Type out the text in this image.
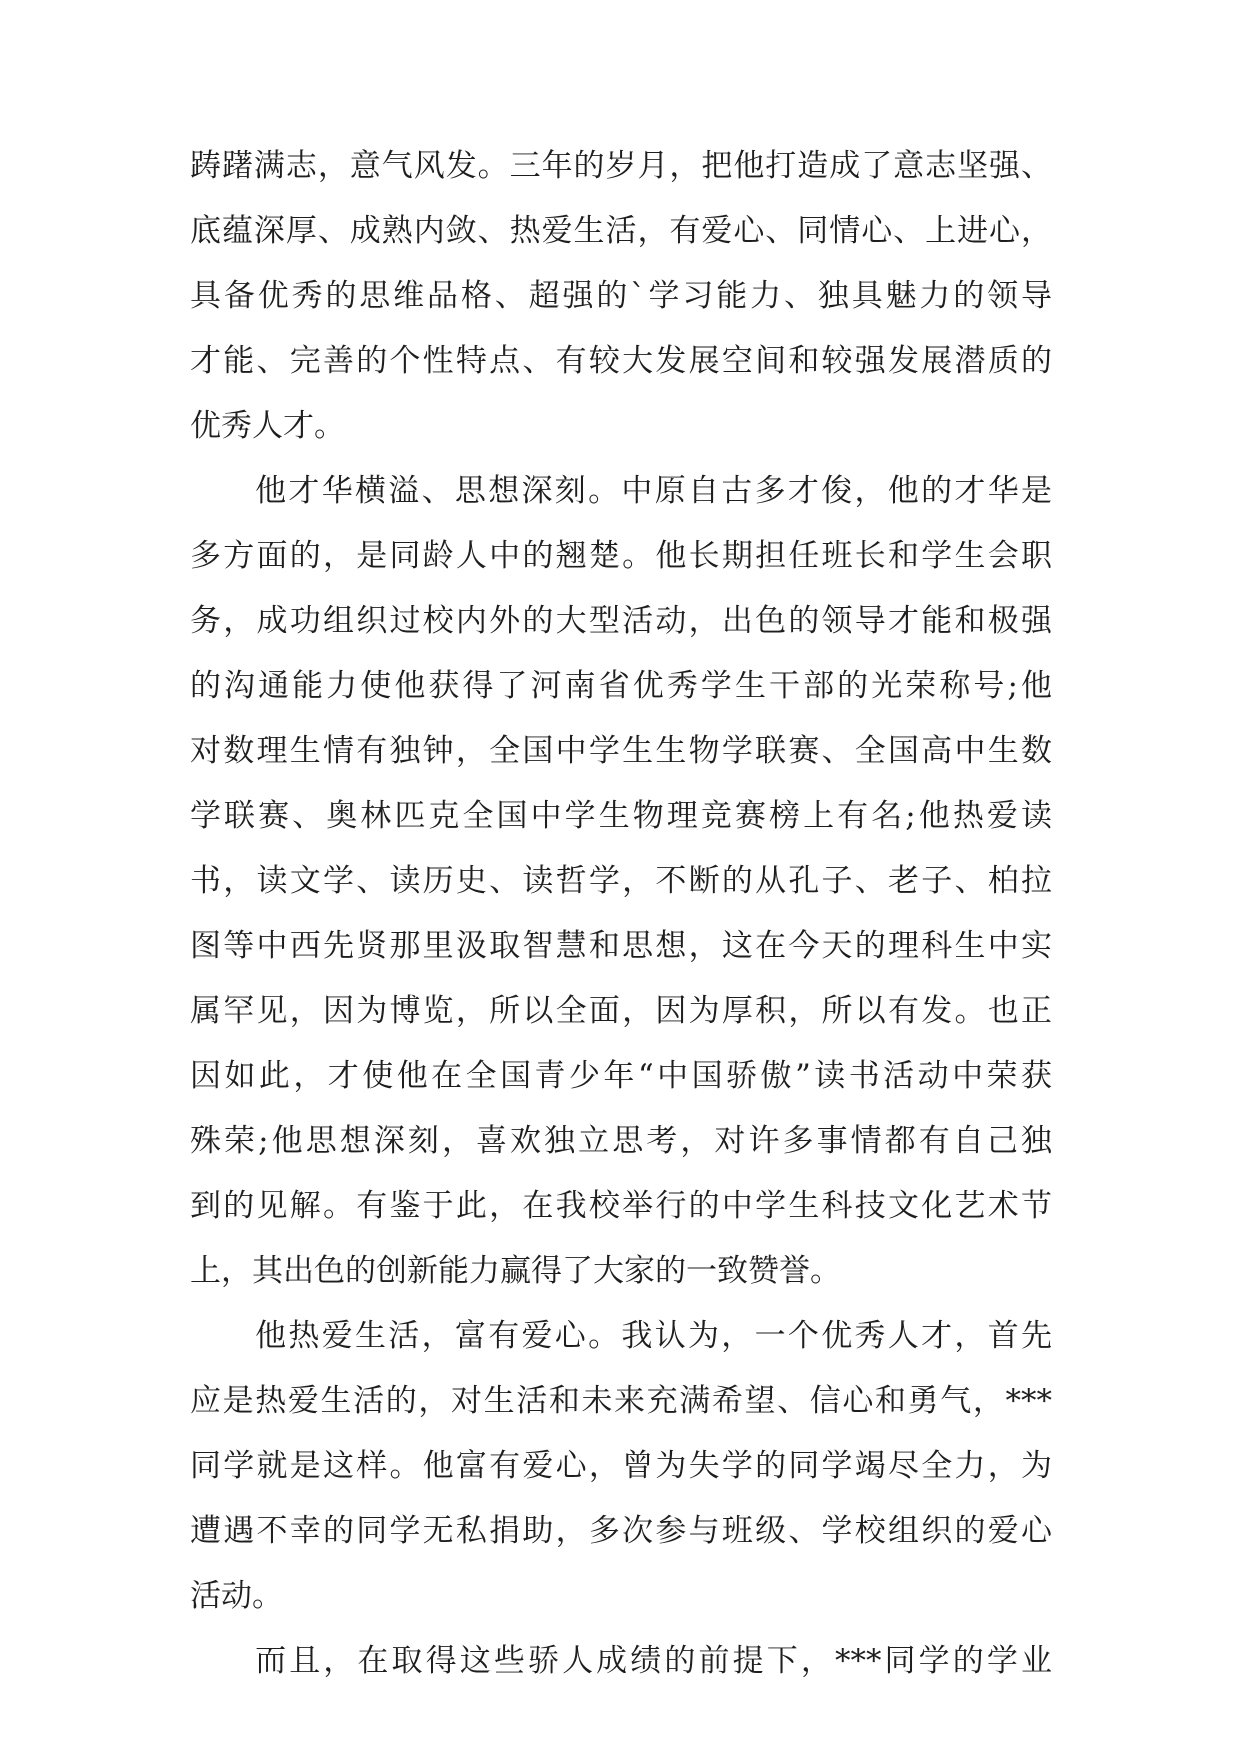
踌躇满志，意气风发。三年的岁月，把他打造成了意志坚强、
底蕴深厚、成熟内敛、热爱生活，有爱心、同情心、上进心，
具备优秀的思维品格、超强的`学习能力、独具魅力的领导
才能、完善的个性特点、有较大发展空间和较强发展潜质的
优秀人才。
他才华横溢、思想深刻。中原自古多才俊，他的才华是
多方面的，是同龄人中的翘楚。他长期担任班长和学生会职
务，成功组织过校内外的大型活动，出色的领导才能和极强
的沟通能力使他获得了河南省优秀学生干部的光荣称号;他
对数理生情有独钟，全国中学生生物学联赛、全国高中生数
学联赛、奥林匹克全国中学生物理竞赛榜上有名;他热爱读
书，读文学、读历史、读哲学，不断的从孔子、老子、柏拉
图等中西先贤那里汲取智慧和思想，这在今天的理科生中实
属罕见，因为博览，所以全面，因为厚积，所以有发。也正
因如此，才使他在全国青少年“中国骄傲”读书活动中荣获
殊荣;他思想深刻，喜欢独立思考，对许多事情都有自己独
到的见解。有鉴于此，在我校举行的中学生科技文化艺术节
上，其出色的创新能力赢得了大家的一致赞誉。
他热爱生活，富有爱心。我认为，一个优秀人才，首先
应是热爱生活的，对生活和未来充满希望、信心和勇气，***
同学就是这样。他富有爱心，曾为失学的同学竭尽全力，为
遭遇不幸的同学无私捐助，多次参与班级、学校组织的爱心
活动。
而且，在取得这些骄人成绩的前提下，***同学的学业
